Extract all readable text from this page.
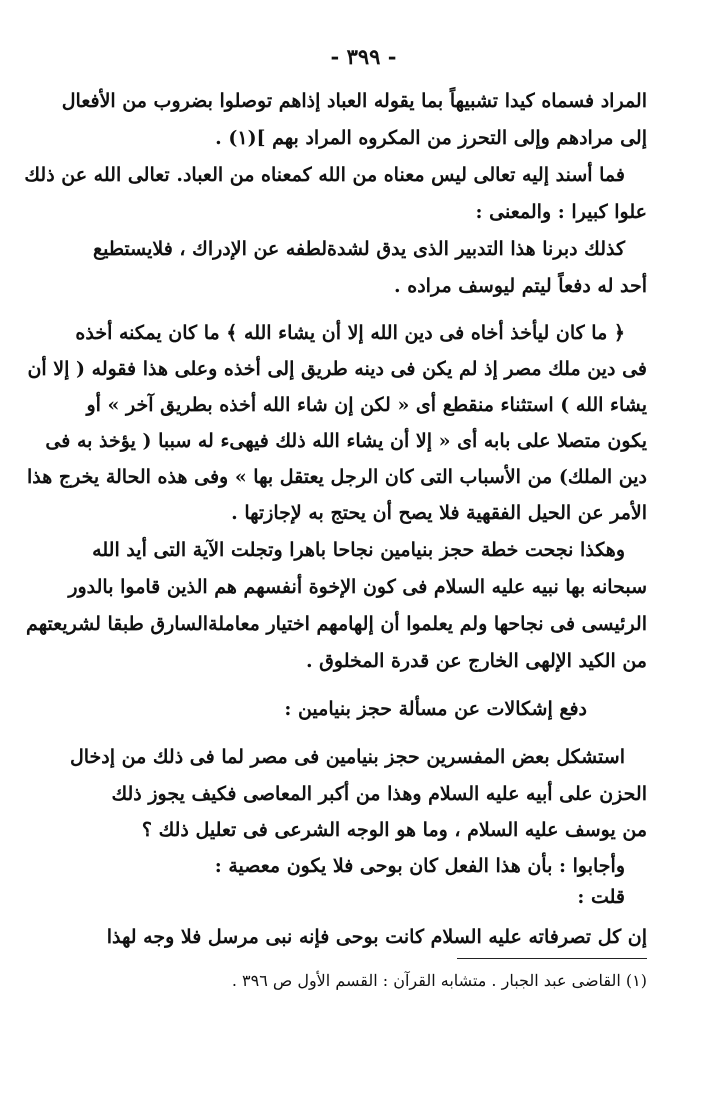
- ٣٩٩ -
المراد فسماه كيدا تشبيهاً بما يقوله العباد إذاهم توصلوا بضروب من الأفعال
إلى مرادهم وإلى التحرز من المكروه المراد بهم ](١) .
فما أسند إليه تعالى ليس معناه من الله كمعناه من العباد. تعالى الله عن ذلك
علوا كبيرا : والمعنى :
كذلك دبرنا هذا التدبير الذى يدق لشدةلطفه عن الإدراك ، فلايستطيع
أحد له دفعاً ليتم ليوسف مراده .
﴿ ما كان ليأخذ أخاه فى دين الله إلا أن يشاء الله ﴾ ما كان يمكنه أخذه
فى دين ملك مصر إذ لم يكن فى دينه طريق إلى أخذه وعلى هذا فقوله ( إلا أن
يشاء الله ) استثناء منقطع أى « لكن إن شاء الله أخذه بطريق آخر » أو
يكون متصلا على بابه أى « إلا أن يشاء الله ذلك فيهىء له سببا ( يؤخذ به فى
دين الملك) من الأسباب التى كان الرجل يعتقل بها » وفى هذه الحالة يخرج هذا
الأمر عن الحيل الفقهية فلا يصح أن يحتج به لإجازتها .
وهكذا نجحت خطة حجز بنيامين نجاحا باهرا وتجلت الآية التى أيد الله
سبحانه بها نبيه عليه السلام فى كون الإخوة أنفسهم هم الذين قاموا بالدور
الرئيسى فى نجاحها ولم يعلموا أن إلهامهم اختيار معاملةالسارق طبقا لشريعتهم
من الكيد الإلهى الخارج عن قدرة المخلوق .
دفع إشكالات عن مسألة حجز بنيامين :
استشكل بعض المفسرين حجز بنيامين فى مصر لما فى ذلك من إدخال
الحزن على أبيه عليه السلام وهذا من أكبر المعاصى فكيف يجوز ذلك
من يوسف عليه السلام ، وما هو الوجه الشرعى فى تعليل ذلك ؟
وأجابوا : بأن هذا الفعل كان بوحى فلا يكون معصية :
قلت :
إن كل تصرفاته عليه السلام كانت بوحى فإنه نبى مرسل فلا وجه لهذا
(١) القاضى عبد الجبار . متشابه القرآن : القسم الأول ص ٣٩٦ .
